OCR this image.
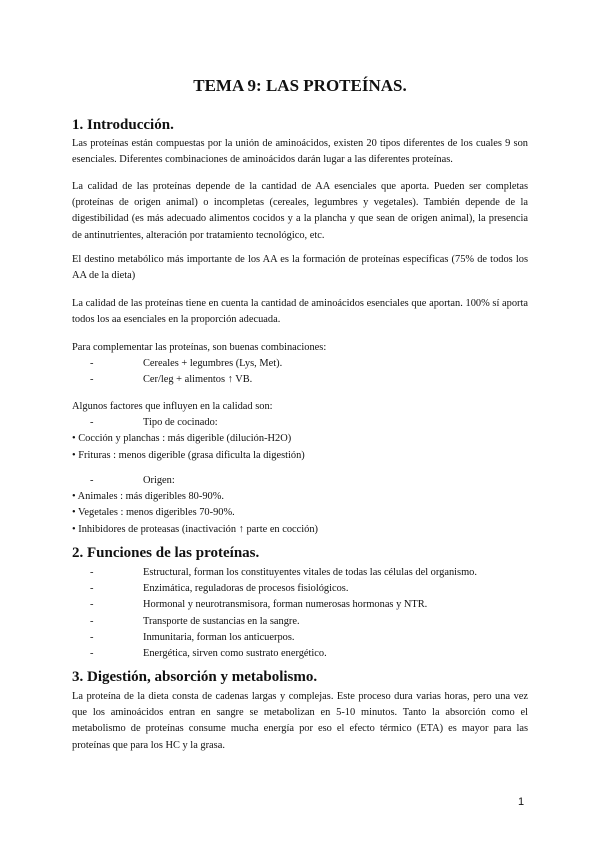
TEMA 9: LAS PROTEÍNAS.
1. Introducción.

Las proteínas están compuestas por la unión de aminoácidos, existen 20 tipos diferentes de los cuales 9 son esenciales. Diferentes combinaciones de aminoácidos darán lugar a las diferentes proteínas.

La calidad de las proteínas depende de la cantidad de AA esenciales que aporta. Pueden ser completas (proteínas de origen animal) o incompletas (cereales, legumbres y vegetales). También depende de la digestibilidad (es más adecuado alimentos cocidos y a la plancha y que sean de origen animal), la presencia de antinutrientes, alteración por tratamiento tecnológico, etc.

El destino metabólico más importante de los AA es la formación de proteínas específicas (75% de todos los AA de la dieta)

La calidad de las proteínas tiene en cuenta la cantidad de aminoácidos esenciales que aportan. 100% sí aporta todos los aa esenciales en la proporción adecuada.

Para complementar las proteínas, son buenas combinaciones:

-	Cereales + legumbres (Lys, Met).
-	Cer/leg + alimentos ↑ VB.

Algunos factores que influyen en la calidad son:

-	Tipo de cocinado:

• Cocción y planchas : más digerible (dilución-H2O)

• Frituras : menos digerible (grasa dificulta la digestión)

-	Origen:

• Animales : más digeribles 80-90%.

• Vegetales : menos digeribles 70-90%.

• Inhibidores de proteasas (inactivación ↑ parte en cocción)

2. Funciones de las proteínas.
-	Estructural, forman los constituyentes vitales de todas las células del organismo.
-	Enzimática, reguladoras de procesos fisiológicos.
-	Hormonal y neurotransmisora, forman numerosas hormonas y NTR.
-	Transporte de sustancias en la sangre.
-	Inmunitaria, forman los anticuerpos.
-	Energética, sirven como sustrato energético.
3. Digestión, absorción y metabolismo.

La proteína de la dieta consta de cadenas largas y complejas. Este proceso dura varias horas, pero una vez que los aminoácidos entran en sangre se metabolizan en 5-10 minutos. Tanto la absorción como el metabolismo de proteínas consume mucha energía por eso el efecto térmico (ETA) es mayor para las proteínas que para los HC y la grasa.

1
